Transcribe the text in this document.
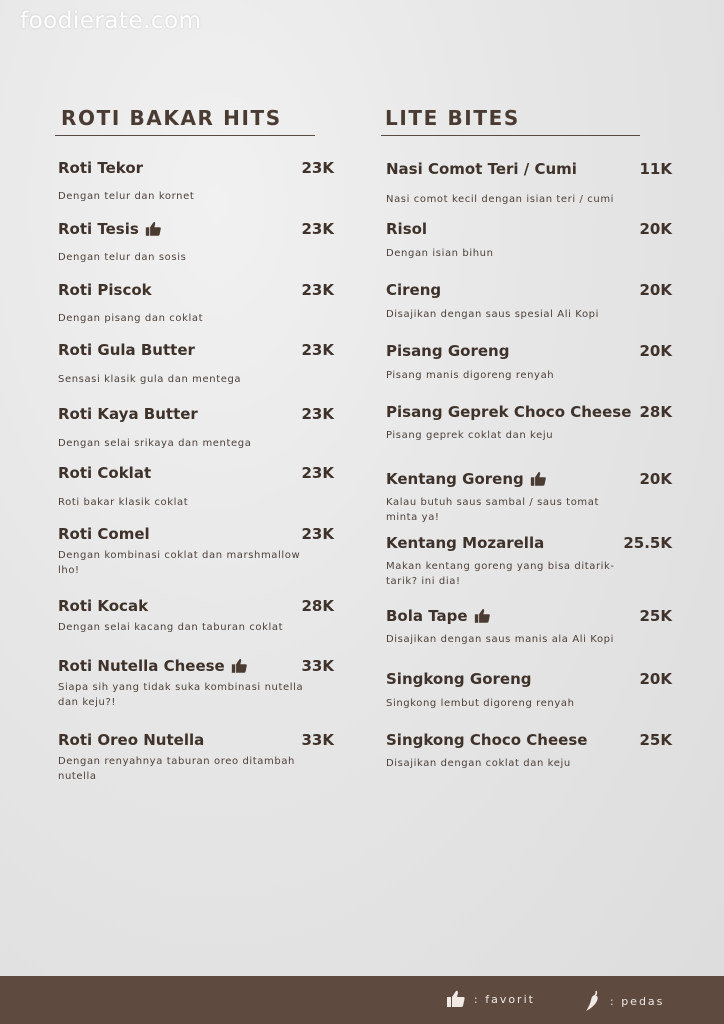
foodierate.com
ROTI BAKAR HITS
Roti Tekor	23K
Dengan telur dan kornet
Roti Tesis	23K
Dengan telur dan sosis
Roti Piscok	23K
Dengan pisang dan coklat
Roti Gula Butter	23K
Sensasi klasik gula dan mentega
Roti Kaya Butter	23K
Dengan selai srikaya dan mentega
Roti Coklat	23K
Roti bakar klasik coklat
Roti Comel	23K
Dengan kombinasi coklat dan marshmallow lho!
Roti Kocak	28K
Dengan selai kacang dan taburan coklat
Roti Nutella Cheese	33K
Siapa sih yang tidak suka kombinasi nutella dan keju?!
Roti Oreo Nutella	33K
Dengan renyahnya taburan oreo ditambah nutella
LITE BITES
Nasi Comot Teri / Cumi	11K
Nasi comot kecil dengan isian teri / cumi
Risol	20K
Dengan isian bihun
Cireng	20K
Disajikan dengan saus spesial Ali Kopi
Pisang Goreng	20K
Pisang manis digoreng renyah
Pisang Geprek Choco Cheese 28K
Pisang geprek coklat dan keju
Kentang Goreng	20K
Kalau butuh saus sambal / saus tomat minta ya!
Kentang Mozarella	25.5K
Makan kentang goreng yang bisa ditarik-tarik? ini dia!
Bola Tape	25K
Disajikan dengan saus manis ala Ali Kopi
Singkong Goreng	20K
Singkong lembut digoreng renyah
Singkong Choco Cheese	25K
Disajikan dengan coklat dan keju
: favorit	: pedas
